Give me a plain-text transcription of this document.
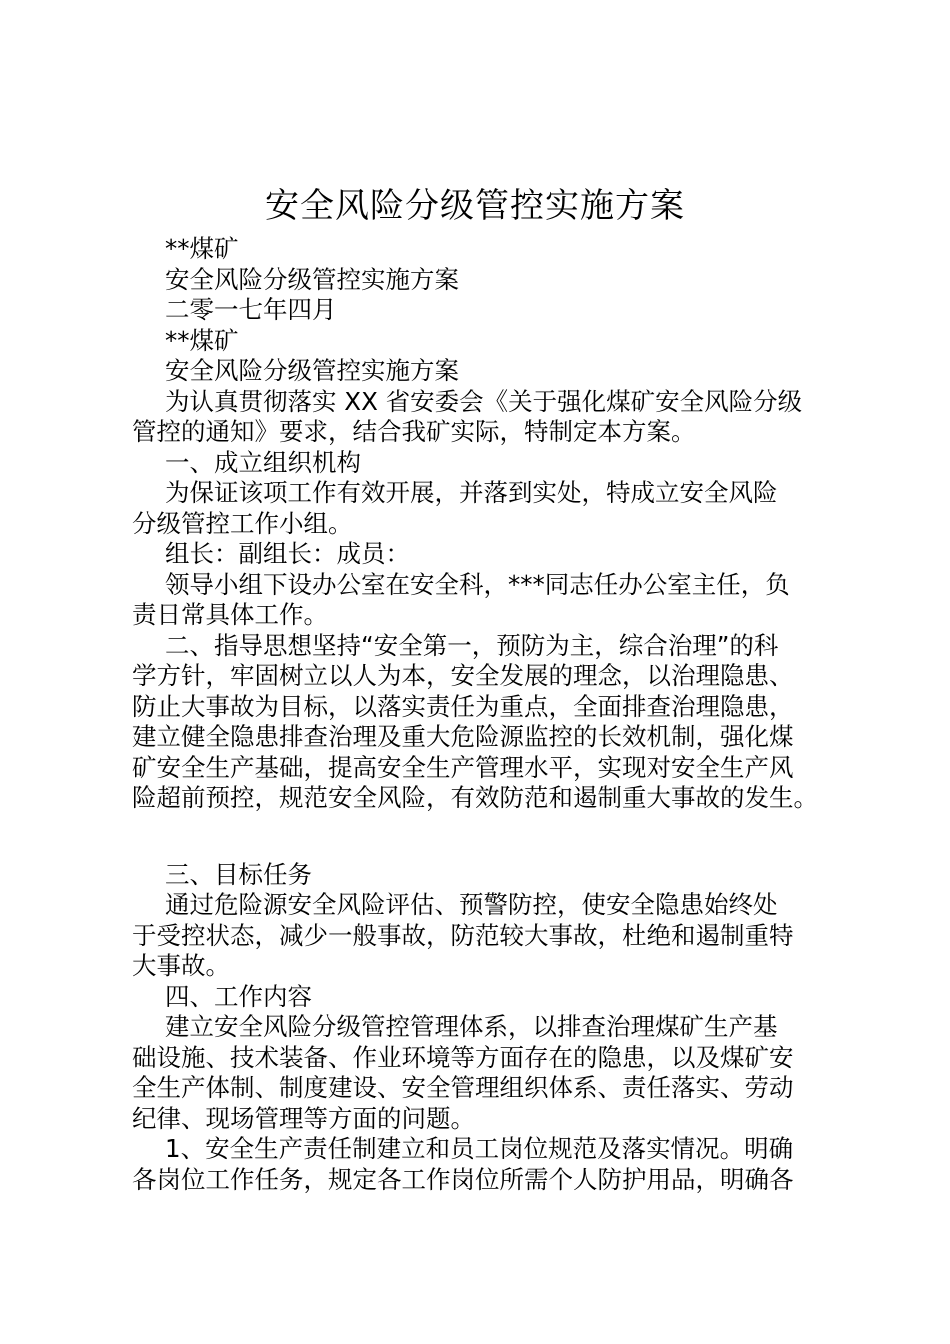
安全风险分级管控实施方案
**煤矿
安全风险分级管控实施方案
二零一七年四月
**煤矿
安全风险分级管控实施方案
为认真贯彻落实 XX 省安委会《关于强化煤矿安全风险分级
管控的通知》要求，结合我矿实际，特制定本方案。
一、成立组织机构
为保证该项工作有效开展，并落到实处，特成立安全风险
分级管控工作小组。
组长：副组长：成员：
领导小组下设办公室在安全科，***同志任办公室主任，负
责日常具体工作。
二、指导思想坚持“安全第一，预防为主，综合治理”的科
学方针，牢固树立以人为本，安全发展的理念，以治理隐患、
防止大事故为目标，以落实责任为重点，全面排查治理隐患，
建立健全隐患排查治理及重大危险源监控的长效机制，强化煤
矿安全生产基础，提高安全生产管理水平，实现对安全生产风
险超前预控，规范安全风险，有效防范和遏制重大事故的发生。
三、目标任务
通过危险源安全风险评估、预警防控，使安全隐患始终处
于受控状态，减少一般事故，防范较大事故，杜绝和遏制重特
大事故。
四、工作内容
建立安全风险分级管控管理体系，以排查治理煤矿生产基
础设施、技术装备、作业环境等方面存在的隐患，以及煤矿安
全生产体制、制度建设、安全管理组织体系、责任落实、劳动
纪律、现场管理等方面的问题。
1、安全生产责任制建立和员工岗位规范及落实情况。明确
各岗位工作任务，规定各工作岗位所需个人防护用品，明确各
